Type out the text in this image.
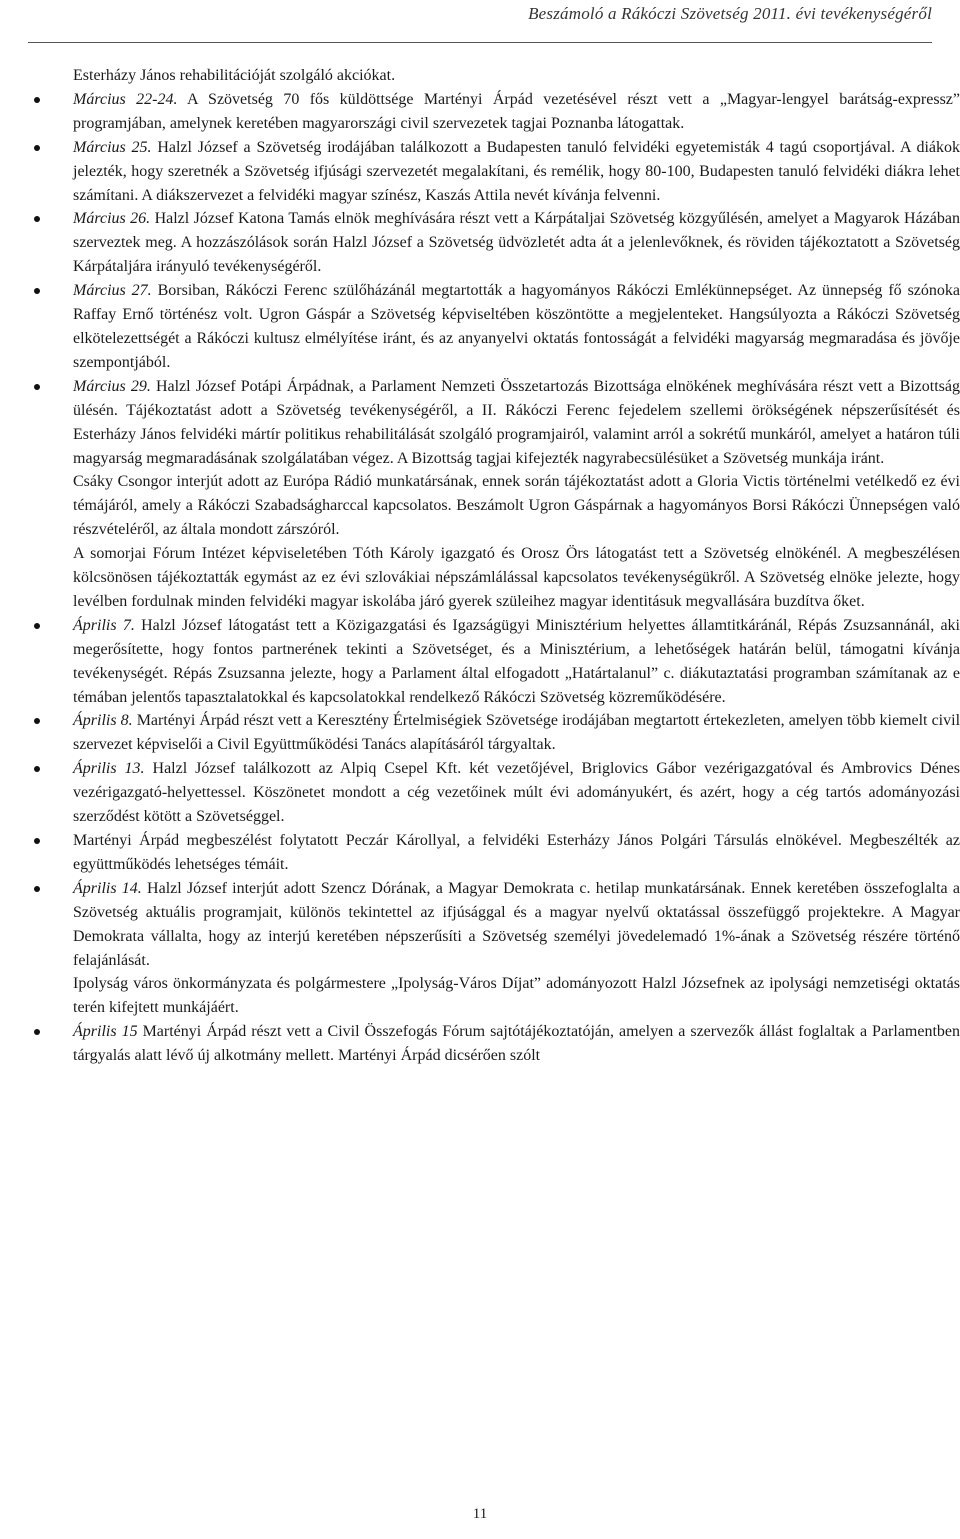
Beszámoló a Rákóczi Szövetség 2011. évi tevékenységéről
Esterházy János rehabilitációját szolgáló akciókat.
Március 22-24. A Szövetség 70 fős küldöttsége Martényi Árpád vezetésével részt vett a „Magyar-lengyel barátság-expressz” programjában, amelynek keretében magyarországi civil szervezetek tagjai Poznanba látogattak.
Március 25. Halzl József a Szövetség irodájában találkozott a Budapesten tanuló felvidéki egyetemisták 4 tagú csoportjával. A diákok jelezték, hogy szeretnék a Szövetség ifjúsági szervezetét megalakítani, és remélik, hogy 80-100, Budapesten tanuló felvidéki diákra lehet számítani. A diákszervezet a felvidéki magyar színész, Kaszás Attila nevét kívánja felvenni.
Március 26. Halzl József Katona Tamás elnök meghívására részt vett a Kárpátaljai Szövetség közgyűlésén, amelyet a Magyarok Házában szerveztek meg. A hozzászólások során Halzl József a Szövetség üdvözletét adta át a jelenlevőknek, és röviden tájékoztatott a Szövetség Kárpátaljára irányuló tevékenységéről.
Március 27. Borsiban, Rákóczi Ferenc szülőházánál megtartották a hagyományos Rákóczi Emlékünnepséget. Az ünnepség fő szónoka Raffay Ernő történész volt. Ugron Gáspár a Szövetség képviseltében köszöntötte a megjelenteket. Hangsúlyozta a Rákóczi Szövetség elkötelezettségét a Rákóczi kultusz elmélyítése iránt, és az anyanyelvi oktatás fontosságát a felvidéki magyarság megmaradása és jövője szempontjából.
Március 29. Halzl József Potápi Árpádnak, a Parlament Nemzeti Összetartozás Bizottsága elnökének meghívására részt vett a Bizottság ülésén. Tájékoztatást adott a Szövetség tevékenységéről, a II. Rákóczi Ferenc fejedelem szellemi örökségének népszerűsítését és Esterházy János felvidéki mártír politikus rehabilitálását szolgáló programjairól, valamint arról a sokrétű munkáról, amelyet a határon túli magyarság megmaradásának szolgálatában végez. A Bizottság tagjai kifejezték nagyrabecsülésüket a Szövetség munkája iránt.
Csáky Csongor interjút adott az Európa Rádió munkatársának, ennek során tájékoztatást adott a Gloria Victis történelmi vetélkedő ez évi témájáról, amely a Rákóczi Szabadságharccal kapcsolatos. Beszámolt Ugron Gáspárnak a hagyományos Borsi Rákóczi Ünnepségen való részvételéről, az általa mondott zárszóról.
A somorjai Fórum Intézet képviseletében Tóth Károly igazgató és Orosz Örs látogatást tett a Szövetség elnökénél. A megbeszélésen kölcsönösen tájékoztatták egymást az ez évi szlovákiai népszámlálással kapcsolatos tevékenységükről. A Szövetség elnöke jelezte, hogy levélben fordulnak minden felvidéki magyar iskolába járó gyerek szüleihez magyar identitásuk megvallására buzdítva őket.
Április 7. Halzl József látogatást tett a Közigazgatási és Igazságügyi Minisztérium helyettes államtitkáránál, Répás Zsuzsannánál, aki megerősítette, hogy fontos partnerének tekinti a Szövetséget, és a Minisztérium, a lehetőségek határán belül, támogatni kívánja tevékenységét. Répás Zsuzsanna jelezte, hogy a Parlament által elfogadott „Határtalanul” c. diákutaztatási programban számítanak az e témában jelentős tapasztalatokkal és kapcsolatokkal rendelkező Rákóczi Szövetség közreműködésére.
Április 8. Martényi Árpád részt vett a Keresztény Értelmiségiek Szövetsége irodájában megtartott értekezleten, amelyen több kiemelt civil szervezet képviselői a Civil Együttműködési Tanács alapításáról tárgyaltak.
Április 13. Halzl József találkozott az Alpiq Csepel Kft. két vezetőjével, Briglovics Gábor vezérigazgatóval és Ambrovics Dénes vezérigazgató-helyettessel. Köszönetet mondott a cég vezetőinek múlt évi adományukért, és azért, hogy a cég tartós adományozási szerződést kötött a Szövetséggel.
Martényi Árpád megbeszélést folytatott Peczár Károllyal, a felvidéki Esterházy János Polgári Társulás elnökével. Megbeszélték az együttműködés lehetséges témáit.
Április 14. Halzl József interjút adott Szencz Dórának, a Magyar Demokrata c. hetilap munkatársának. Ennek keretében összefoglalta a Szövetség aktuális programjait, különös tekintettel az ifjúsággal és a magyar nyelvű oktatással összefüggő projektekre. A Magyar Demokrata vállalta, hogy az interjú keretében népszerűsíti a Szövetség személyi jövedelemadó 1%-ának a Szövetség részére történő felajánlását.
Ipolyság város önkormányzata és polgármestere „Ipolyság-Város Díjat” adományozott Halzl Józsefnek az ipolysági nemzetiségi oktatás terén kifejtett munkájáért.
Április 15 Martényi Árpád részt vett a Civil Összefogás Fórum sajtótájékoztatóján, amelyen a szervezők állást foglaltak a Parlamentben tárgyalás alatt lévő új alkotmány mellett. Martényi Árpád dicsérően szólt
11
